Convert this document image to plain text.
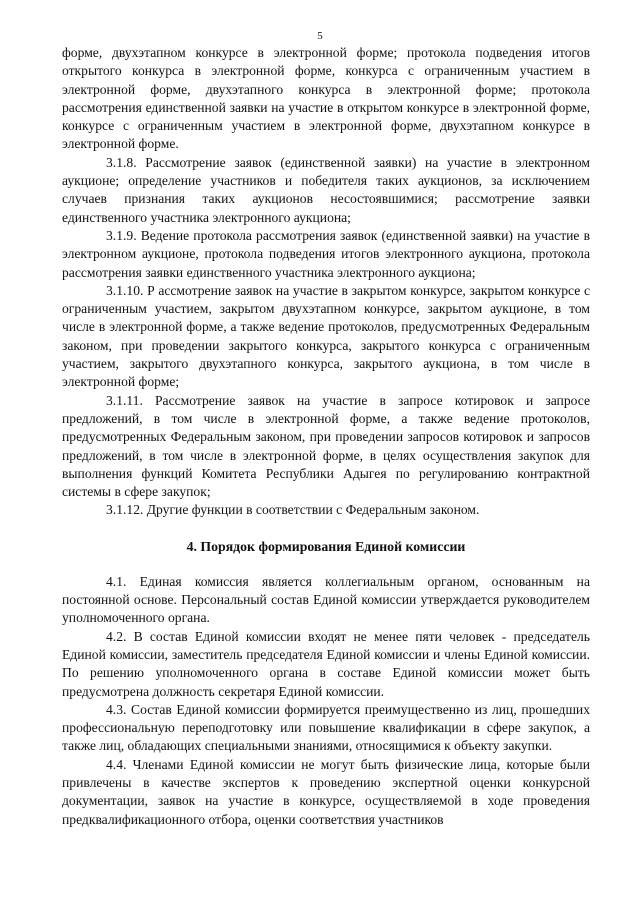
5

форме, двухэтапном конкурсе в электронной форме; протокола подведения итогов открытого конкурса в электронной форме, конкурса с ограниченным участием в электронной форме, двухэтапного конкурса в электронной форме; протокола рассмотрения единственной заявки на участие в открытом конкурсе в электронной форме, конкурсе с ограниченным участием в электронной форме, двухэтапном конкурсе в электронной форме.

3.1.8. Рассмотрение заявок (единственной заявки) на участие в электронном аукционе; определение участников и победителя таких аукционов, за исключением случаев признания таких аукционов несостоявшимися; рассмотрение заявки единственного участника электронного аукциона;

3.1.9. Ведение протокола рассмотрения заявок (единственной заявки) на участие в электронном аукционе, протокола подведения итогов электронного аукциона, протокола рассмотрения заявки единственного участника электронного аукциона;

3.1.10. Р ассмотрение заявок на участие в закрытом конкурсе, закрытом конкурсе с ограниченным участием, закрытом двухэтапном конкурсе, закрытом аукционе, в том числе в электронной форме, а также ведение протоколов, предусмотренных Федеральным законом, при проведении закрытого конкурса, закрытого конкурса с ограниченным участием, закрытого двухэтапного конкурса, закрытого аукциона, в том числе в электронной форме;

3.1.11. Рассмотрение заявок на участие в запросе котировок и запросе предложений, в том числе в электронной форме, а также ведение протоколов, предусмотренных Федеральным законом, при проведении запросов котировок и запросов предложений, в том числе в электронной форме, в целях осуществления закупок для выполнения функций Комитета Республики Адыгея по регулированию контрактной системы в сфере закупок;

3.1.12. Другие функции в соответствии с Федеральным законом.

4. Порядок формирования Единой комиссии

4.1. Единая комиссия является коллегиальным органом, основанным на постоянной основе. Персональный состав Единой комиссии утверждается руководителем уполномоченного органа.

4.2. В состав Единой комиссии входят не менее пяти человек - председатель Единой комиссии, заместитель председателя Единой комиссии и члены Единой комиссии. По решению уполномоченного органа в составе Единой комиссии может быть предусмотрена должность секретаря Единой комиссии.

4.3. Состав Единой комиссии формируется преимущественно из лиц, прошедших профессиональную переподготовку или повышение квалификации в сфере закупок, а также лиц, обладающих специальными знаниями, относящимися к объекту закупки.

4.4. Членами Единой комиссии не могут быть физические лица, которые были привлечены в качестве экспертов к проведению экспертной оценки конкурсной документации, заявок на участие в конкурсе, осуществляемой в ходе проведения предквалификационного отбора, оценки соответствия участников
